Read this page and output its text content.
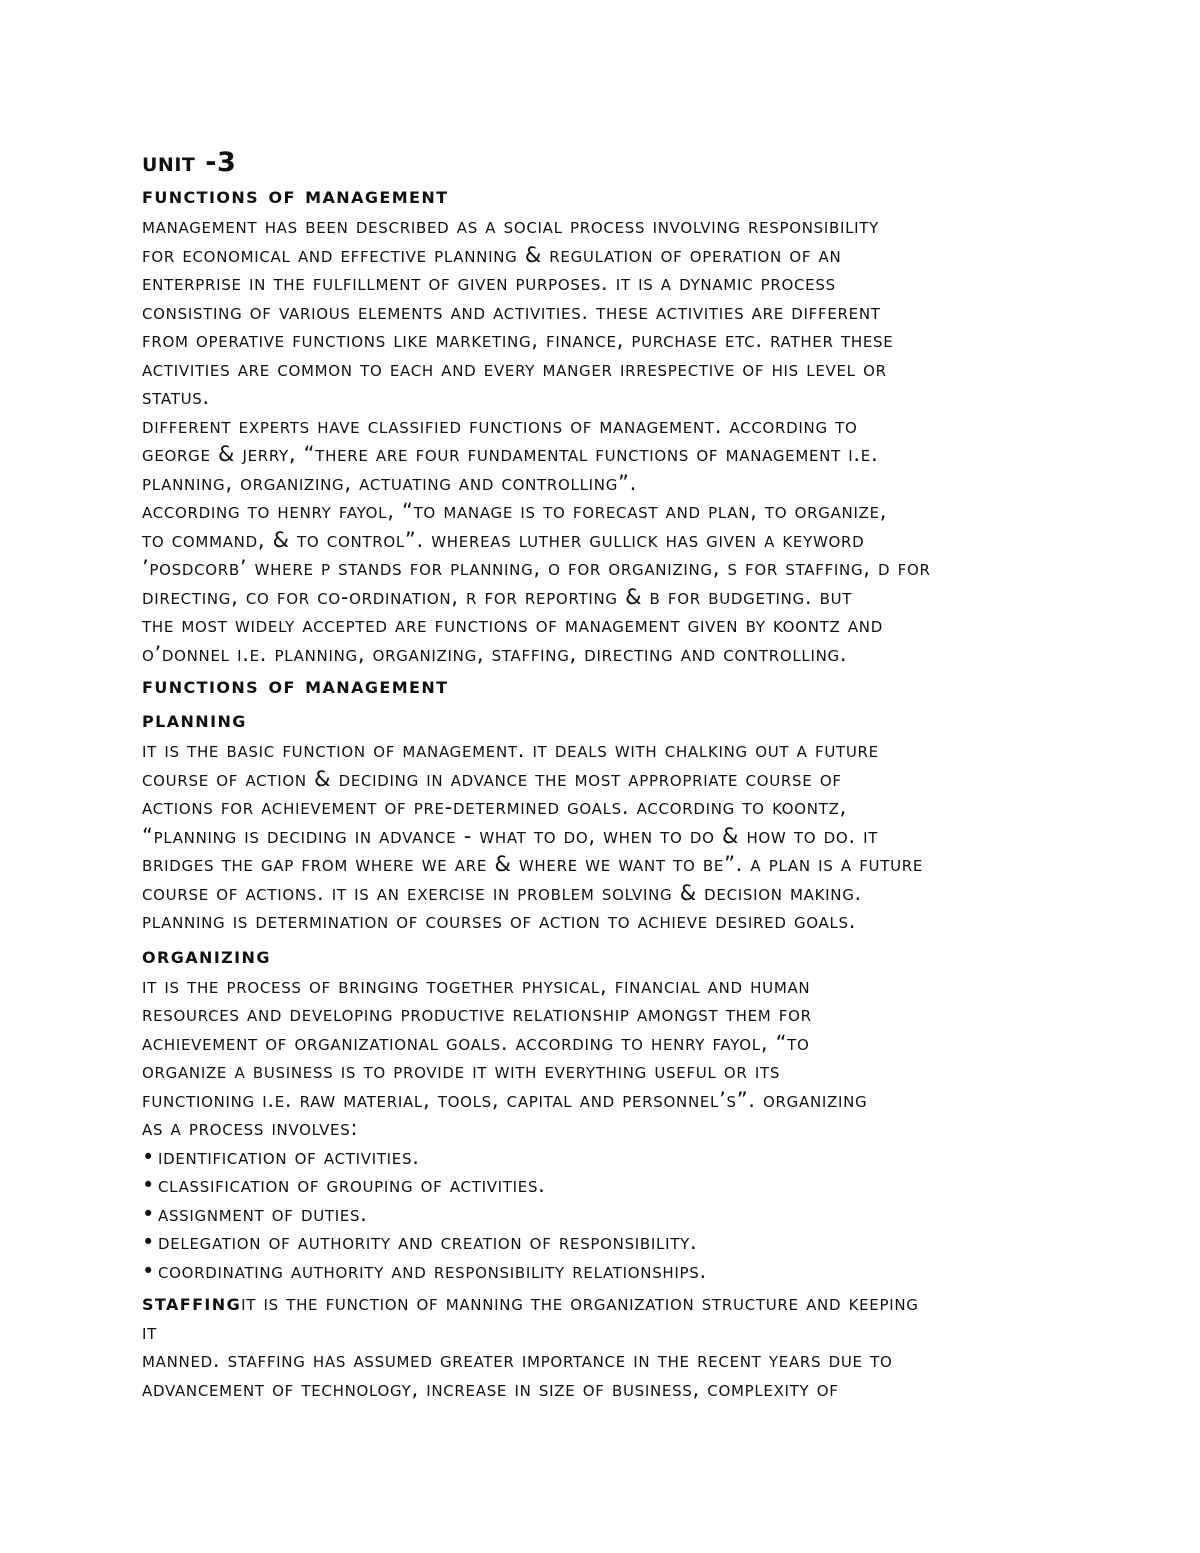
unit -3
functions of management

management has been described as a social process involving responsibility
for economical and effective planning & regulation of operation of an
enterprise in the fulfillment of given purposes. it is a dynamic process
consisting of various elements and activities. these activities are different
from operative functions like marketing, finance, purchase etc. rather these
activities are common to each and every manger irrespective of his level or
status.

different experts have classified functions of management. according to
george & jerry, “there are four fundamental functions of management i.e.
planning, organizing, actuating and controlling”.

according to henry fayol, “to manage is to forecast and plan, to organize,
to command, & to control”. whereas luther gullick has given a keyword
’posdcorb’ where p stands for planning, o for organizing, s for staffing, d for
directing, co for co-ordination, r for reporting & b for budgeting. but
the most widely accepted are functions of management given by koontz and
o’donnel i.e. planning, organizing, staffing, directing and controlling.

functions of management
planning

it is the basic function of management. it deals with chalking out a future
course of action & deciding in advance the most appropriate course of
actions for achievement of pre-determined goals. according to koontz,
“planning is deciding in advance - what to do, when to do & how to do. it
bridges the gap from where we are & where we want to be”. a plan is a future
course of actions. it is an exercise in problem solving & decision making.
planning is determination of courses of action to achieve desired goals.

organizing

it is the process of bringing together physical, financial and human
resources and developing productive relationship amongst them for
achievement of organizational goals. according to henry fayol, “to
organize a business is to provide it with everything useful or its
functioning i.e. raw material, tools, capital and personnel’s”. organizing
as a process involves:

• identification of activities.
• classification of grouping of activities.
• assignment of duties.
• delegation of authority and creation of responsibility.
• coordinating authority and responsibility relationships.

staffingit is the function of manning the organization structure and keeping
it
manned. staffing has assumed greater importance in the recent years due to
advancement of technology, increase in size of business, complexity of
